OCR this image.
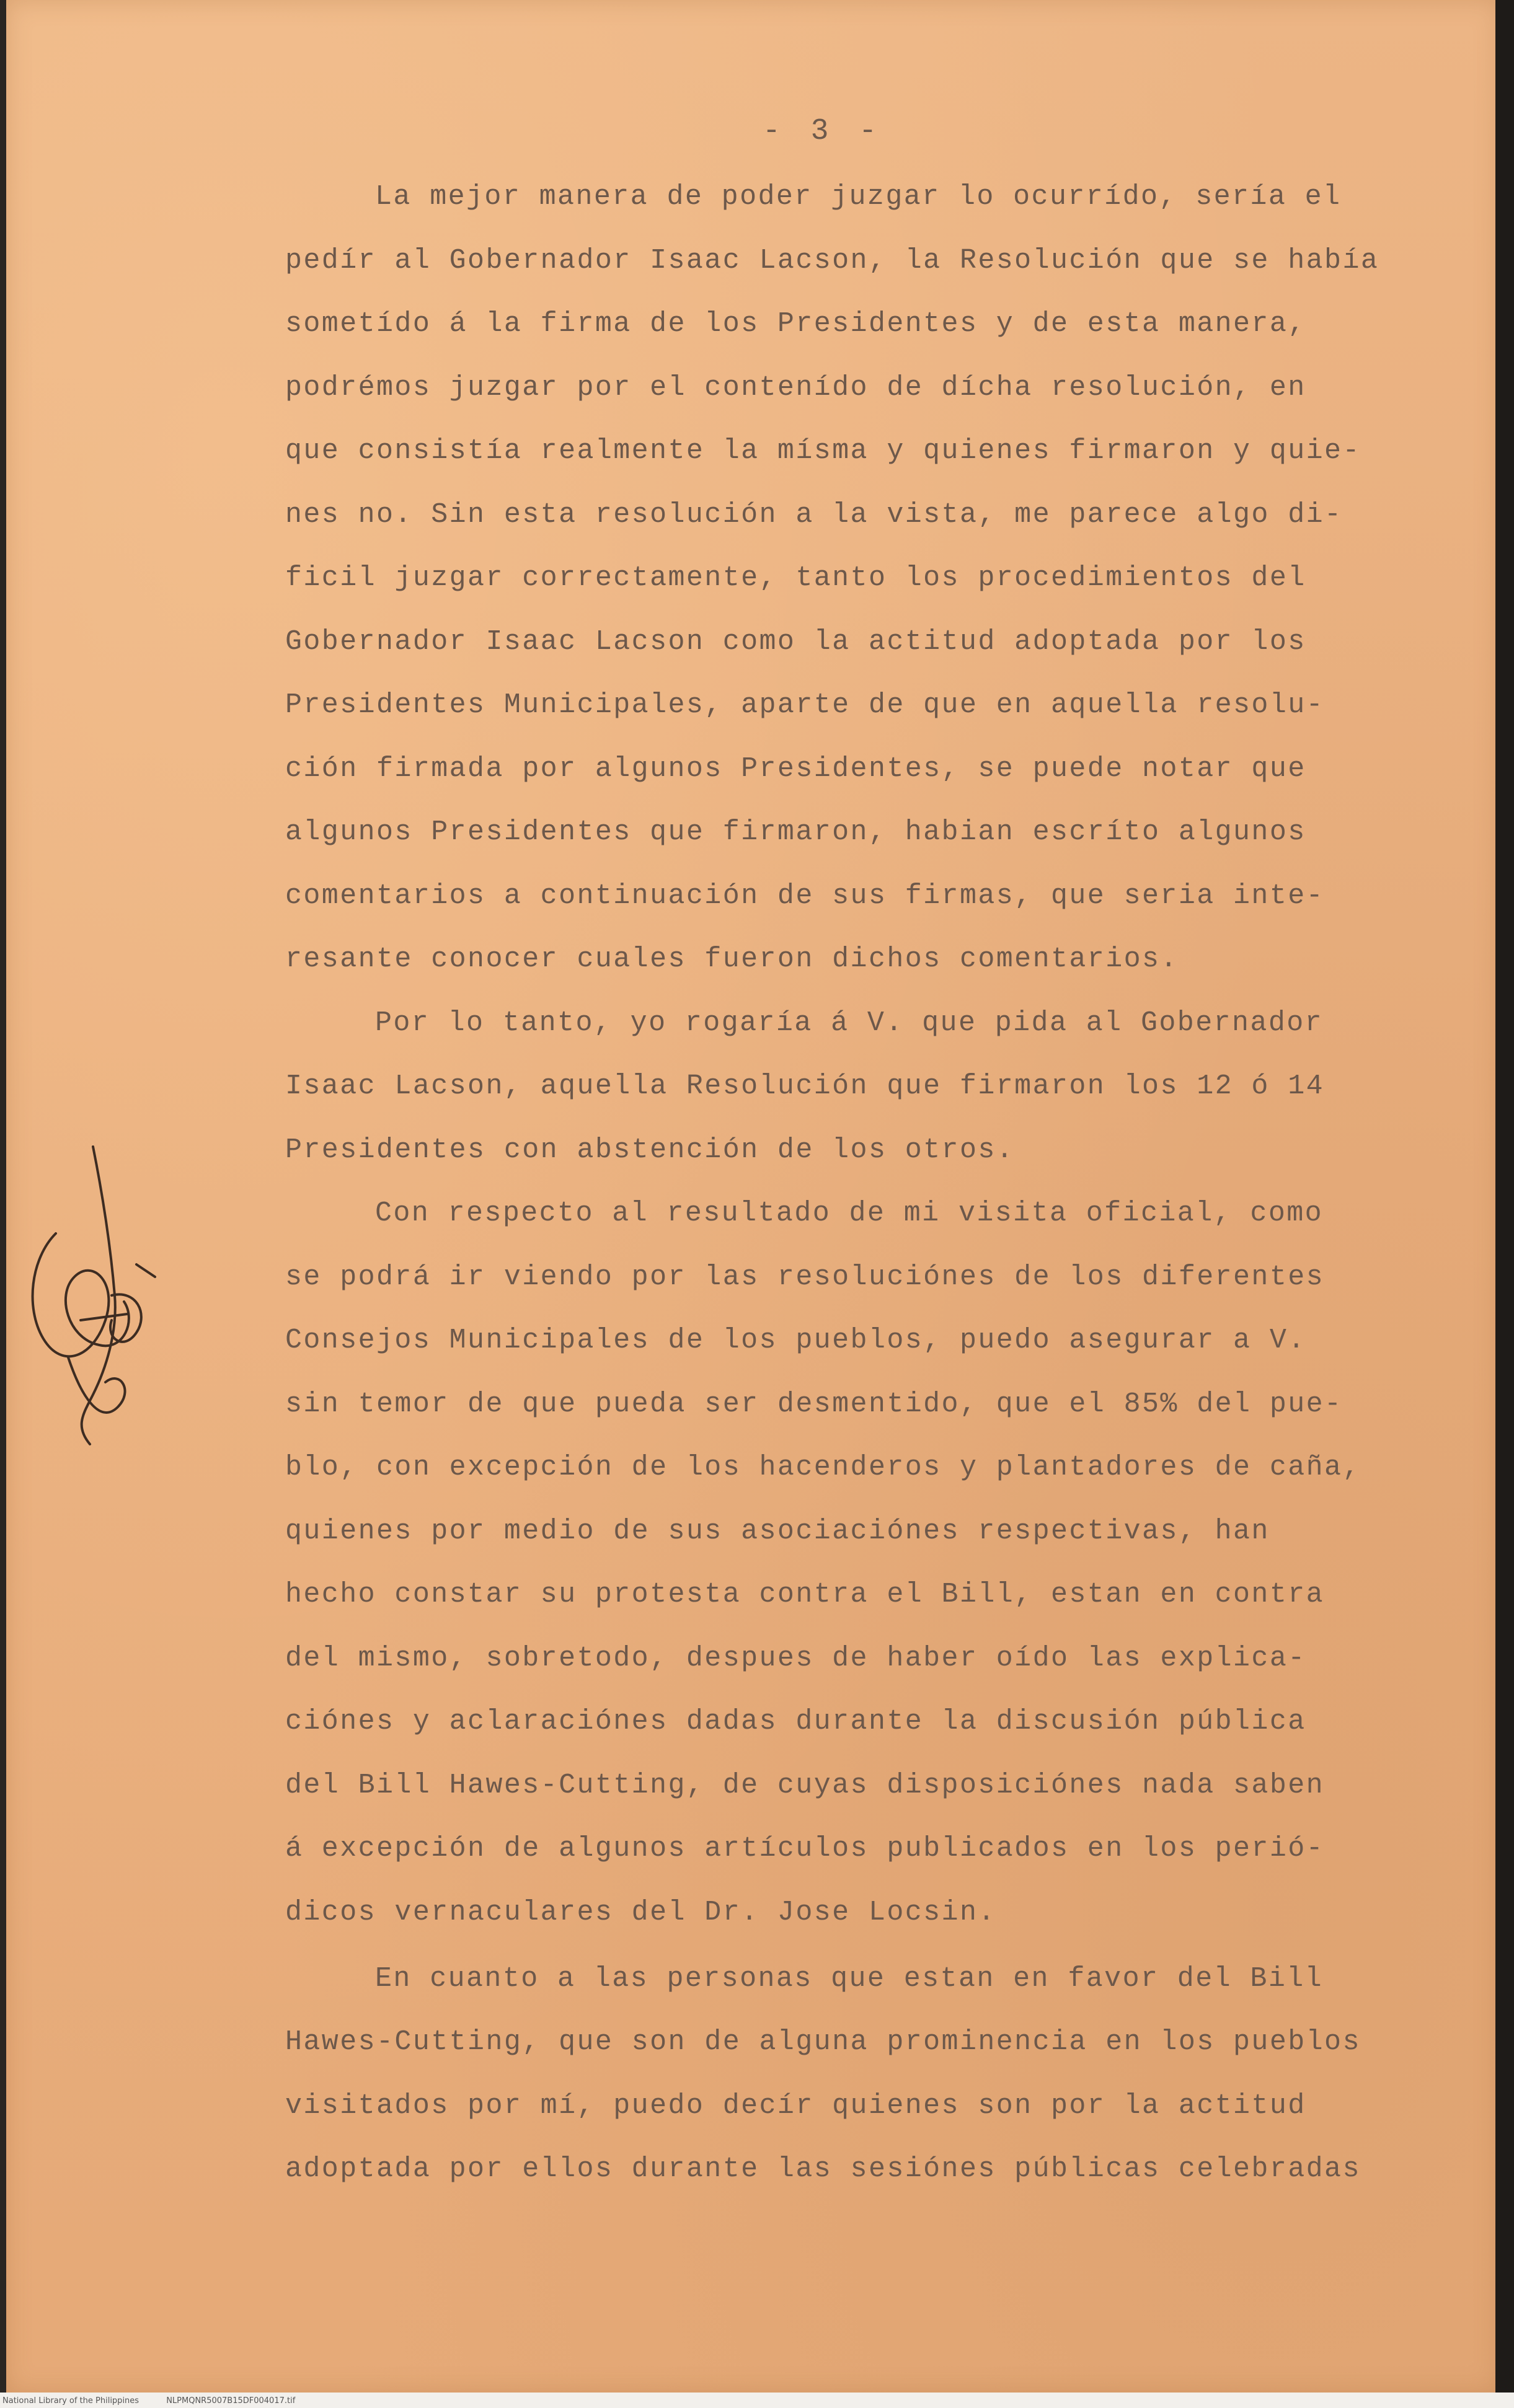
- 3 -
La mejor manera de poder juzgar lo ocurrído, sería el
pedír al Gobernador Isaac Lacson, la Resolución que se había
sometído á la firma de los Presidentes y de esta manera,
podrémos juzgar por el contenído de dícha resolución, en
que consistía realmente la mísma y quienes firmaron y quie-
nes no. Sin esta resolución a la vista, me parece algo di-
ficil juzgar correctamente, tanto los procedimientos del
Gobernador Isaac Lacson como la actitud adoptada por los
Presidentes Municipales, aparte de que en aquella resolu-
ción firmada por algunos Presidentes, se puede notar que
algunos Presidentes que firmaron, habian escríto algunos
comentarios a continuación de sus firmas, que seria inte-
resante conocer cuales fueron dichos comentarios.
Por lo tanto, yo rogaría á V. que pida al Gobernador
Isaac Lacson, aquella Resolución que firmaron los 12 ó 14
Presidentes con abstención de los otros.
Con respecto al resultado de mi visita oficial, como
se podrá ir viendo por las resoluciónes de los diferentes
Consejos Municipales de los pueblos, puedo asegurar a V.
sin temor de que pueda ser desmentido, que el 85% del pue-
blo, con excepción de los hacenderos y plantadores de caña,
quienes por medio de sus asociaciónes respectivas, han
hecho constar su protesta contra el Bill, estan en contra
del mismo, sobretodo, despues de haber oído las explica-
ciónes y aclaraciónes dadas durante la discusión pública
del Bill Hawes-Cutting, de cuyas disposiciónes nada saben
á excepción de algunos artículos publicados en los perió-
dicos vernaculares del Dr. Jose Locsin.
En cuanto a las personas que estan en favor del Bill
Hawes-Cutting, que son de alguna prominencia en los pueblos
visitados por mí, puedo decír quienes son por la actitud
adoptada por ellos durante las sesiónes públicas celebradas
National Library of the Philippines	NLPMQNR5007B15DF004017.tif
